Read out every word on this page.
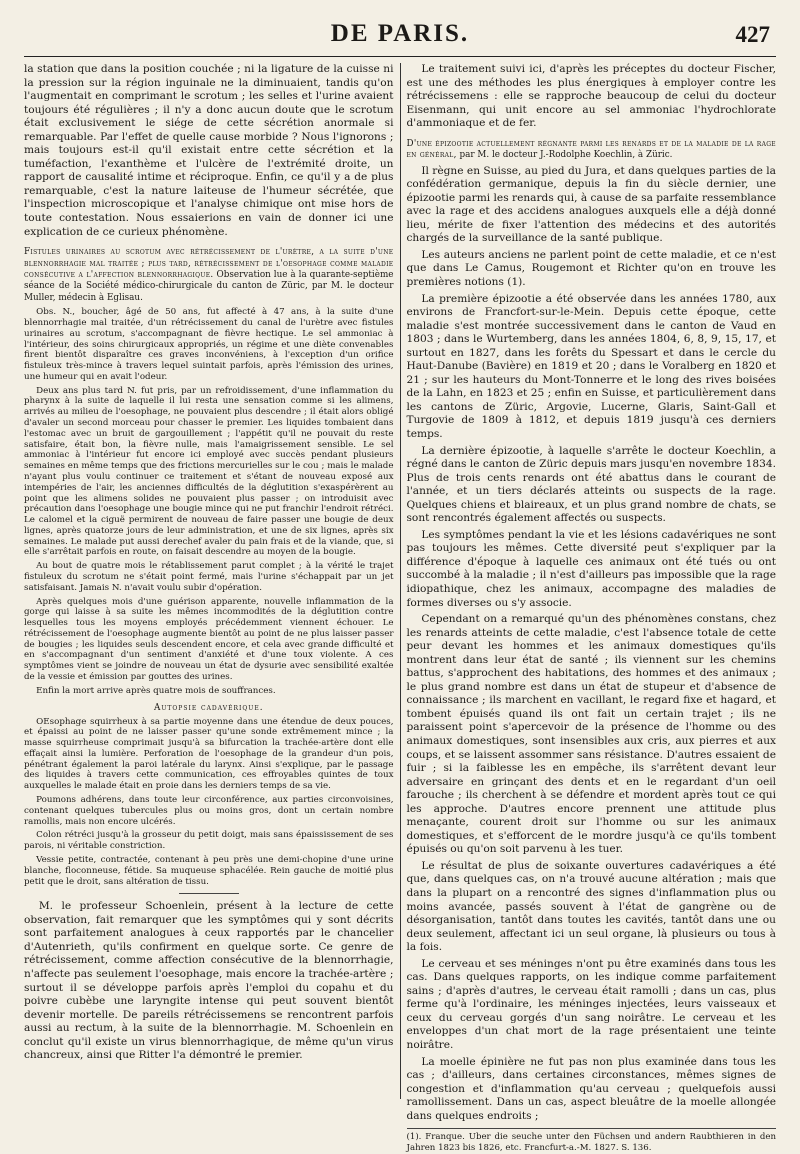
DE PARIS.	427

la station que dans la position couchée ; ni la ligature de la cuisse ni la pression sur la région inguinale ne la diminuaient, tandis qu'on l'augmentait en comprimant le scrotum ; les selles et l'urine avaient toujours été régulières ; il n'y a donc aucun doute que le scrotum était exclusivement le siége de cette sécrétion anormale si remarquable. Par l'effet de quelle cause morbide ? Nous l'ignorons ; mais toujours est-il qu'il existait entre cette sécrétion et la tuméfaction, l'exanthème et l'ulcère de l'extrémité droite, un rapport de causalité intime et réciproque. Enfin, ce qu'il y a de plus remarquable, c'est la nature laiteuse de l'humeur sécrétée, que l'inspection microscopique et l'analyse chimique ont mise hors de toute contestation. Nous essaierions en vain de donner ici une explication de ce curieux phénomène.

Fistules urinaires au scrotum avec rétrécissement de l'urètre, a la suite d'une blennorrhagie mal traitée ; plus tard, rétrécissement de l'oesophage comme maladie consécutive a l'affection blennorrhagique. Observation lue à la quarante-septième séance de la Société médico-chirurgicale du canton de Züric, par M. le docteur Muller, médecin à Eglisau.

Obs. N., boucher, âgé de 50 ans, fut affecté à 47 ans, à la suite d'une blennorrhagie mal traitée, d'un rétrécissement du canal de l'urètre avec fistules urinaires au scrotum, s'accompagnant de fièvre hectique. Le sel ammoniac à l'intérieur, des soins chirurgicaux appropriés, un régime et une diète convenables firent bientôt disparaître ces graves inconvéniens, à l'exception d'un orifice fistuleux très-mince à travers lequel suintait parfois, après l'émission des urines, une humeur qui en avait l'odeur.

Deux ans plus tard N. fut pris, par un refroidissement, d'une inflammation du pharynx à la suite de laquelle il lui resta une sensation comme si les alimens, arrivés au milieu de l'oesophage, ne pouvaient plus descendre ; il était alors obligé d'avaler un second morceau pour chasser le premier. Les liquides tombaient dans l'estomac avec un bruit de gargouillement ; l'appétit qu'il ne pouvait du reste satisfaire, était bon, la fièvre nulle, mais l'amaigrissement sensible. Le sel ammoniac à l'intérieur fut encore ici employé avec succès pendant plusieurs semaines en même temps que des frictions mercurielles sur le cou ; mais le malade n'ayant plus voulu continuer ce traitement et s'étant de nouveau exposé aux intempéries de l'air, les anciennes difficultés de la déglutition s'exaspérèrent au point que les alimens solides ne pouvaient plus passer ; on introduisit avec précaution dans l'oesophage une bougie mince qui ne put franchir l'endroit rétréci. Le calomel et la ciguë permirent de nouveau de faire passer une bougie de deux lignes, après quatorze jours de leur administration, et une de six lignes, après six semaines. Le malade put aussi derechef avaler du pain frais et de la viande, que, si elle s'arrêtait parfois en route, on faisait descendre au moyen de la bougie.

Au bout de quatre mois le rétablissement parut complet ; à la vérité le trajet fistuleux du scrotum ne s'était point fermé, mais l'urine s'échappait par un jet satisfaisant. Jamais N. n'avait voulu subir d'opération.

Après quelques mois d'une guérison apparente, nouvelle inflammation de la gorge qui laisse à sa suite les mêmes incommodités de la déglutition contre lesquelles tous les moyens employés précédemment viennent échouer. Le rétrécissement de l'oesophage augmente bientôt au point de ne plus laisser passer de bougies ; les liquides seuls descendent encore, et cela avec grande difficulté et en s'accompagnant d'un sentiment d'anxiété et d'une toux violente. A ces symptômes vient se joindre de nouveau un état de dysurie avec sensibilité exaltée de la vessie et émission par gouttes des urines.

Enfin la mort arrive après quatre mois de souffrances.

Autopsie cadavérique.

OEsophage squirrheux à sa partie moyenne dans une étendue de deux pouces, et épaissi au point de ne laisser passer qu'une sonde extrêmement mince ; la masse squirrheuse comprimait jusqu'à sa bifurcation la trachée-artère dont elle effaçait ainsi la lumière. Perforation de l'oesophage de la grandeur d'un pois, pénétrant également la paroi latérale du larynx. Ainsi s'explique, par le passage des liquides à travers cette communication, ces effroyables quintes de toux auxquelles le malade était en proie dans les derniers temps de sa vie.

Poumons adhérens, dans toute leur circonférence, aux parties circonvoisines, contenant quelques tubercules plus ou moins gros, dont un certain nombre ramollis, mais non encore ulcérés.

Colon rétréci jusqu'à la grosseur du petit doigt, mais sans épaississement de ses parois, ni véritable constriction.

Vessie petite, contractée, contenant à peu près une demi-chopine d'une urine blanche, floconneuse, fétide. Sa muqueuse sphacélée. Rein gauche de moitié plus petit que le droit, sans altération de tissu.

M. le professeur Schoenlein, présent à la lecture de cette observation, fait remarquer que les symptômes qui y sont décrits sont parfaitement analogues à ceux rapportés par le chancelier d'Autenrieth, qu'ils confirment en quelque sorte. Ce genre de rétrécissement, comme affection consécutive de la blennorrhagie, n'affecte pas seulement l'oesophage, mais encore la trachée-artère ; surtout il se développe parfois après l'emploi du copahu et du poivre cubèbe une laryngite intense qui peut souvent bientôt devenir mortelle. De pareils rétrécissemens se rencontrent parfois aussi au rectum, à la suite de la blennorrhagie. M. Schoenlein en conclut qu'il existe un virus blennorrhagique, de même qu'un virus chancreux, ainsi que Ritter l'a démontré le premier.

Le traitement suivi ici, d'après les préceptes du docteur Fischer, est une des méthodes les plus énergiques à employer contre les rétrécissemens : elle se rapproche beaucoup de celui du docteur Eisenmann, qui unit encore au sel ammoniac l'hydrochlorate d'ammoniaque et de fer.

D'une épizootie actuellement régnante parmi les renards et de la maladie de la rage en général, par M. le docteur J.-Rodolphe Koechlin, à Züric.

Il règne en Suisse, au pied du Jura, et dans quelques parties de la confédération germanique, depuis la fin du siècle dernier, une épizootie parmi les renards qui, à cause de sa parfaite ressemblance avec la rage et des accidens analogues auxquels elle a déjà donné lieu, mérite de fixer l'attention des médecins et des autorités chargés de la surveillance de la santé publique.

Les auteurs anciens ne parlent point de cette maladie, et ce n'est que dans Le Camus, Rougemont et Richter qu'on en trouve les premières notions (1).

La première épizootie a été observée dans les années 1780, aux environs de Francfort-sur-le-Mein. Depuis cette époque, cette maladie s'est montrée successivement dans le canton de Vaud en 1803 ; dans le Wurtemberg, dans les années 1804, 6, 8, 9, 15, 17, et surtout en 1827, dans les forêts du Spessart et dans le cercle du Haut-Danube (Bavière) en 1819 et 20 ; dans le Voralberg en 1820 et 21 ; sur les hauteurs du Mont-Tonnerre et le long des rives boisées de la Lahn, en 1823 et 25 ; enfin en Suisse, et particulièrement dans les cantons de Züric, Argovie, Lucerne, Glaris, Saint-Gall et Turgovie de 1809 à 1812, et depuis 1819 jusqu'à ces derniers temps.

La dernière épizootie, à laquelle s'arrête le docteur Koechlin, a régné dans le canton de Züric depuis mars jusqu'en novembre 1834. Plus de trois cents renards ont été abattus dans le courant de l'année, et un tiers déclarés atteints ou suspects de la rage. Quelques chiens et blaireaux, et un plus grand nombre de chats, se sont rencontrés également affectés ou suspects.

Les symptômes pendant la vie et les lésions cadavériques ne sont pas toujours les mêmes. Cette diversité peut s'expliquer par la différence d'époque à laquelle ces animaux ont été tués ou ont succombé à la maladie ; il n'est d'ailleurs pas impossible que la rage idiopathique, chez les animaux, accompagne des maladies de formes diverses ou s'y associe.

Cependant on a remarqué qu'un des phénomènes constans, chez les renards atteints de cette maladie, c'est l'absence totale de cette peur devant les hommes et les animaux domestiques qu'ils montrent dans leur état de santé ; ils viennent sur les chemins battus, s'approchent des habitations, des hommes et des animaux ; le plus grand nombre est dans un état de stupeur et d'absence de connaissance ; ils marchent en vacillant, le regard fixe et hagard, et tombent épuisés quand ils ont fait un certain trajet ; ils ne paraissent point s'apercevoir de la présence de l'homme ou des animaux domestiques, sont insensibles aux cris, aux pierres et aux coups, et se laissent assommer sans résistance. D'autres essaient de fuir ; si la faiblesse les en empêche, ils s'arrêtent devant leur adversaire en grinçant des dents et en le regardant d'un oeil farouche ; ils cherchent à se défendre et mordent après tout ce qui les approche. D'autres encore prennent une attitude plus menaçante, courent droit sur l'homme ou sur les animaux domestiques, et s'efforcent de le mordre jusqu'à ce qu'ils tombent épuisés ou qu'on soit parvenu à les tuer.

Le résultat de plus de soixante ouvertures cadavériques a été que, dans quelques cas, on n'a trouvé aucune altération ; mais que dans la plupart on a rencontré des signes d'inflammation plus ou moins avancée, passés souvent à l'état de gangrène ou de désorganisation, tantôt dans toutes les cavités, tantôt dans une ou deux seulement, affectant ici un seul organe, là plusieurs ou tous à la fois.

Le cerveau et ses méninges n'ont pu être examinés dans tous les cas. Dans quelques rapports, on les indique comme parfaitement sains ; d'après d'autres, le cerveau était ramolli ; dans un cas, plus ferme qu'à l'ordinaire, les méninges injectées, leurs vaisseaux et ceux du cerveau gorgés d'un sang noirâtre. Le cerveau et les enveloppes d'un chat mort de la rage présentaient une teinte noirâtre.

La moelle épinière ne fut pas non plus examinée dans tous les cas ; d'ailleurs, dans certaines circonstances, mêmes signes de congestion et d'inflammation qu'au cerveau ; quelquefois aussi ramollissement. Dans un cas, aspect bleuâtre de la moelle allongée dans quelques endroits ;

(1). Franque. Uber die seuche unter den Füchsen und andern Raubthieren in den Jahren 1823 bis 1826, etc. Francfurt-a.-M. 1827. S. 136.
